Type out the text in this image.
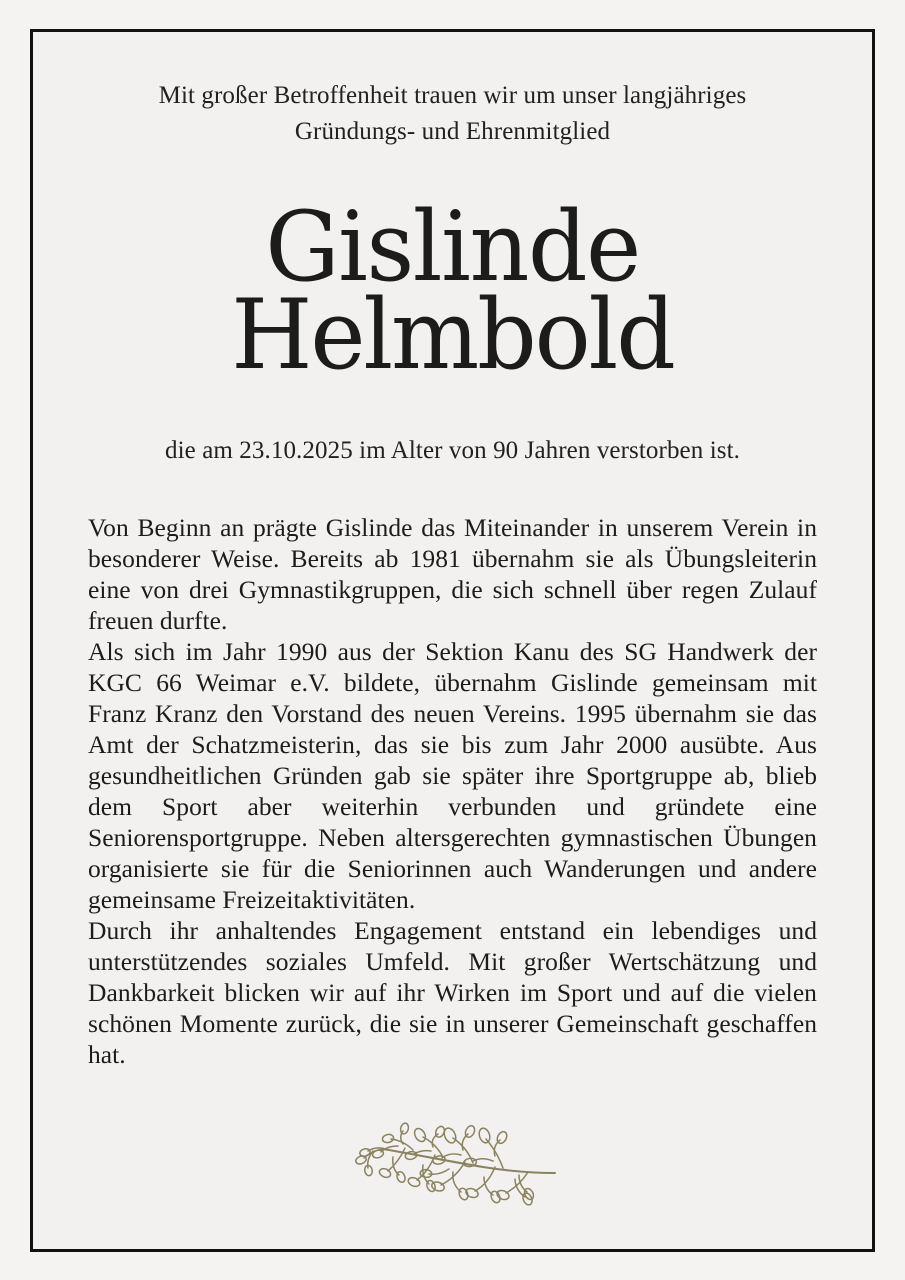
Mit großer Betroffenheit trauen wir um unser langjähriges
Gründungs- und Ehrenmitglied
Gislinde
Helmbold
die am 23.10.2025 im Alter von 90 Jahren verstorben ist.

Von Beginn an prägte Gislinde das Miteinander in unserem Verein in besonderer Weise. Bereits ab 1981 übernahm sie als Übungsleiterin eine von drei Gymnastikgruppen, die sich schnell über regen Zulauf freuen durfte.

Als sich im Jahr 1990 aus der Sektion Kanu des SG Handwerk der KGC 66 Weimar e.V. bildete, übernahm Gislinde gemeinsam mit Franz Kranz den Vorstand des neuen Vereins. 1995 übernahm sie das Amt der Schatzmeisterin, das sie bis zum Jahr 2000 ausübte. Aus gesundheitlichen Gründen gab sie später ihre Sportgruppe ab, blieb dem Sport aber weiterhin verbunden und gründete eine Seniorensportgruppe. Neben altersgerechten gymnastischen Übungen organisierte sie für die Seniorinnen auch Wanderungen und andere gemeinsame Freizeitaktivitäten.

Durch ihr anhaltendes Engagement entstand ein lebendiges und unterstützendes soziales Umfeld. Mit großer Wertschätzung und Dankbarkeit blicken wir auf ihr Wirken im Sport und auf die vielen schönen Momente zurück, die sie in unserer Gemeinschaft geschaffen hat.
